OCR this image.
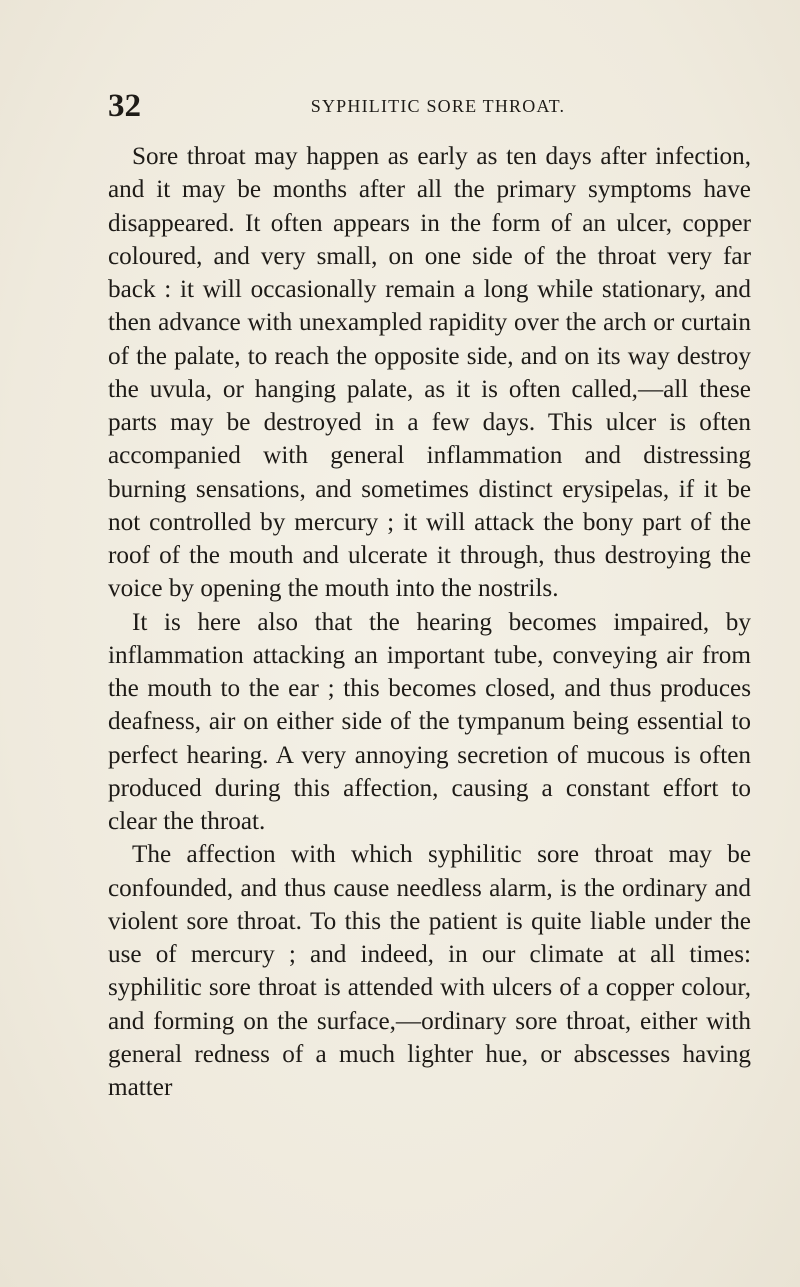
32	SYPHILITIC SORE THROAT.

Sore throat may happen as early as ten days after infection, and it may be months after all the primary symptoms have disappeared. It often appears in the form of an ulcer, copper coloured, and very small, on one side of the throat very far back : it will occasionally remain a long while stationary, and then advance with unexampled rapidity over the arch or curtain of the palate, to reach the opposite side, and on its way destroy the uvula, or hanging palate, as it is often called,—all these parts may be destroyed in a few days. This ulcer is often accompanied with general inflammation and distressing burning sensations, and sometimes distinct erysipelas, if it be not controlled by mercury ; it will attack the bony part of the roof of the mouth and ulcerate it through, thus destroying the voice by opening the mouth into the nostrils.

It is here also that the hearing becomes impaired, by inflammation attacking an important tube, conveying air from the mouth to the ear ; this becomes closed, and thus produces deafness, air on either side of the tympanum being essential to perfect hearing. A very annoying secretion of mucous is often produced during this affection, causing a constant effort to clear the throat.

The affection with which syphilitic sore throat may be confounded, and thus cause needless alarm, is the ordinary and violent sore throat. To this the patient is quite liable under the use of mercury ; and indeed, in our climate at all times: syphilitic sore throat is attended with ulcers of a copper colour, and forming on the surface,—ordinary sore throat, either with general redness of a much lighter hue, or abscesses having matter
